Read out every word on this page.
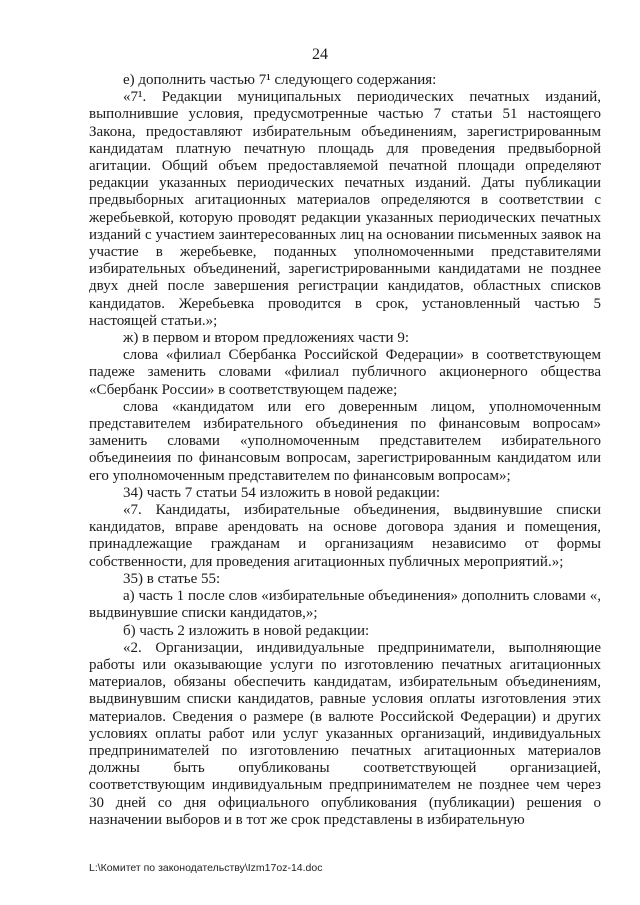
24

е) дополнить частью 7¹ следующего содержания:

«7¹. Редакции муниципальных периодических печатных изданий, выполнившие условия, предусмотренные частью 7 статьи 51 настоящего Закона, предоставляют избирательным объединениям, зарегистрированным кандидатам платную печатную площадь для проведения предвыборной агитации. Общий объем предоставляемой печатной площади определяют редакции указанных периодических печатных изданий. Даты публикации предвыборных агитационных материалов определяются в соответствии с жеребьевкой, которую проводят редакции указанных периодических печатных изданий с участием заинтересованных лиц на основании письменных заявок на участие в жеребьевке, поданных уполномоченными представителями избирательных объединений, зарегистрированными кандидатами не позднее двух дней после завершения регистрации кандидатов, областных списков кандидатов. Жеребьевка проводится в срок, установленный частью 5 настоящей статьи.»;

ж) в первом и втором предложениях части 9:

слова «филиал Сбербанка Российской Федерации» в соответствующем падеже заменить словами «филиал публичного акционерного общества «Сбербанк России» в соответствующем падеже;

слова «кандидатом или его доверенным лицом, уполномоченным представителем избирательного объединения по финансовым вопросам» заменить словами «уполномоченным представителем избирательного объединеиия по финансовым вопросам, зарегистрированным кандидатом или его уполномоченным представителем по финансовым вопросам»;

34) часть 7 статьи 54 изложить в новой редакции:

«7. Кандидаты, избирательные объединения, выдвинувшие списки кандидатов, вправе арендовать на основе договора здания и помещения, принадлежащие гражданам и организациям независимо от формы собственности, для проведения агитационных публичных мероприятий.»;

35) в статье 55:

а) часть 1 после слов «избирательные объединения» дополнить словами «, выдвинувшие списки кандидатов,»;

б) часть 2 изложить в новой редакции:

«2. Организации, индивидуальные предприниматели, выполняющие работы или оказывающие услуги по изготовлению печатных агитационных материалов, обязаны обеспечить кандидатам, избирательным объединениям, выдвинувшим списки кандидатов, равные условия оплаты изготовления этих материалов. Сведения о размере (в валюте Российской Федерации) и других условиях оплаты работ или услуг указанных организаций, индивидуальных предпринимателей по изготовлению печатных агитационных материалов должны быть опубликованы соответствующей организацией, соответствующим индивидуальным предпринимателем не позднее чем через 30 дней со дня официального опубликования (публикации) решения о назначении выборов и в тот же срок представлены в избирательную

L:\Комитет по законодательству\Izm17oz-14.doc
